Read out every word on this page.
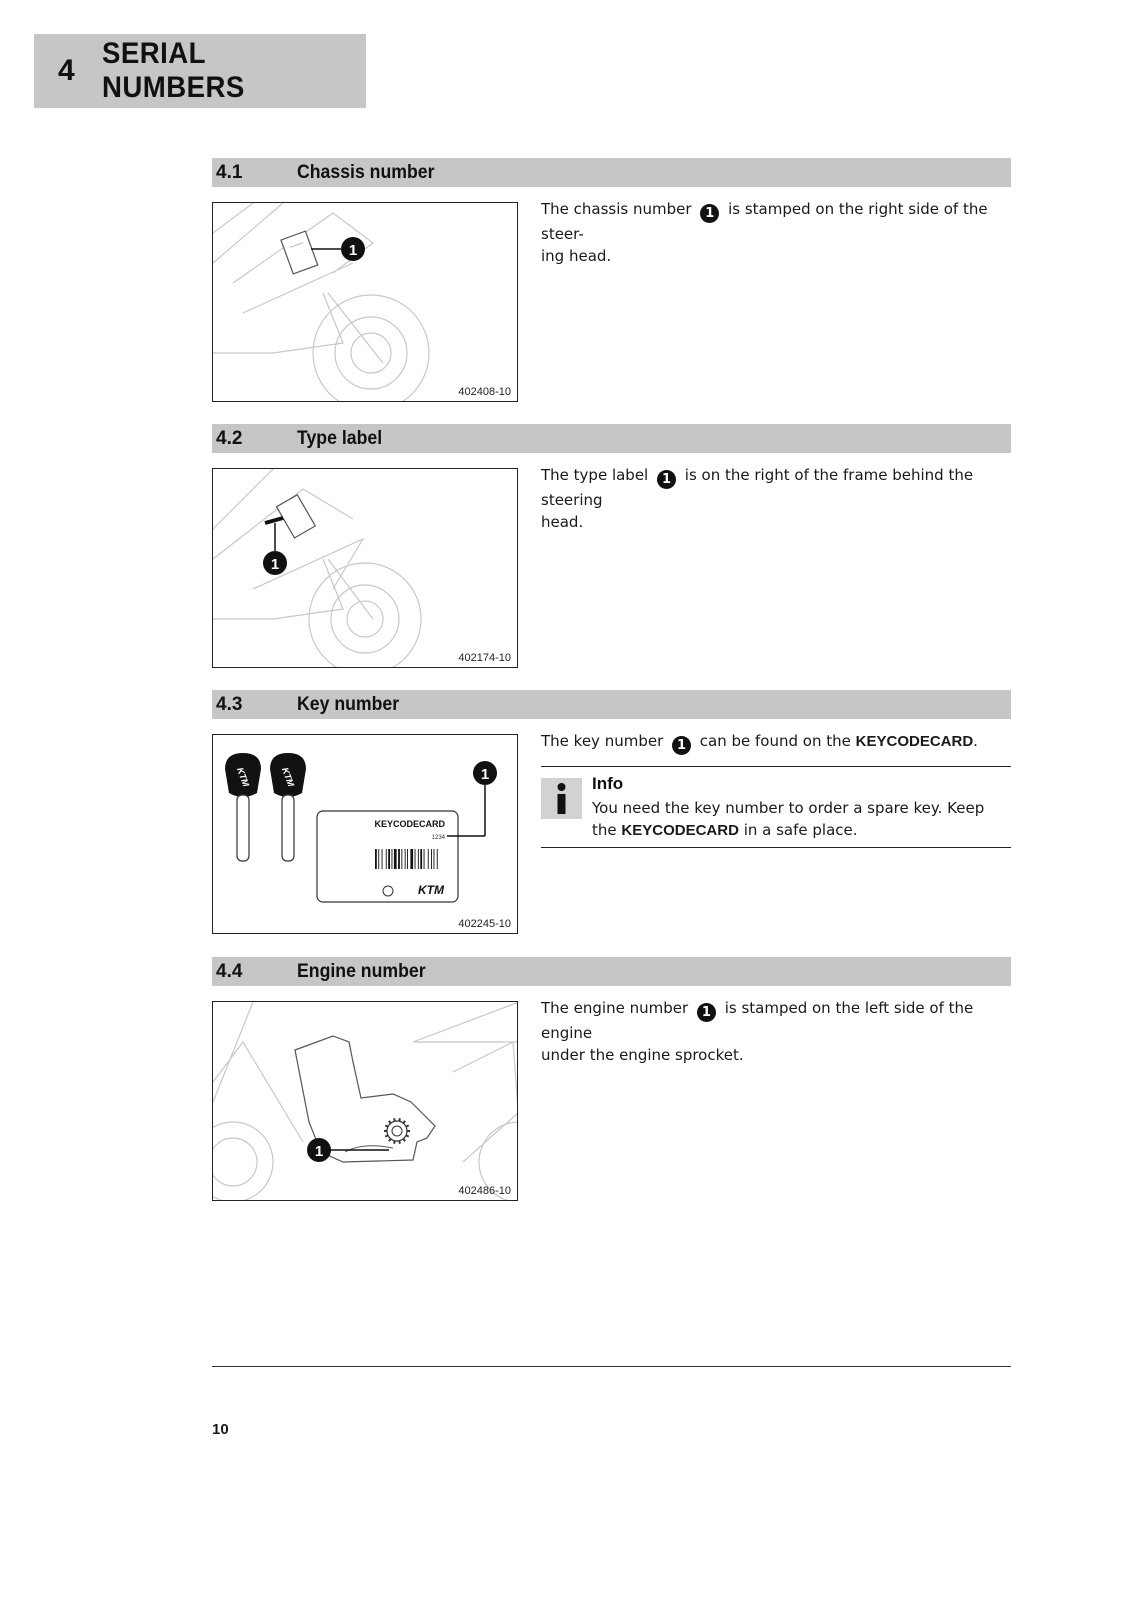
4
SERIAL NUMBERS
4.1	Chassis number
1
402408-10
The chassis number 1 is stamped on the right side of the steer-
ing head.
4.2	Type label
1
402174-10
The type label 1 is on the right of the frame behind the steering
head.
4.3	Key number
KTM	KTM
KEYCODECARD
1234
KTM
1
402245-10
The key number 1 can be found on the KEYCODECARD.
Info
You need the key number to order a spare key. Keep
the KEYCODECARD in a safe place.
4.4	Engine number
1
402486-10
The engine number 1 is stamped on the left side of the engine
under the engine sprocket.
10
